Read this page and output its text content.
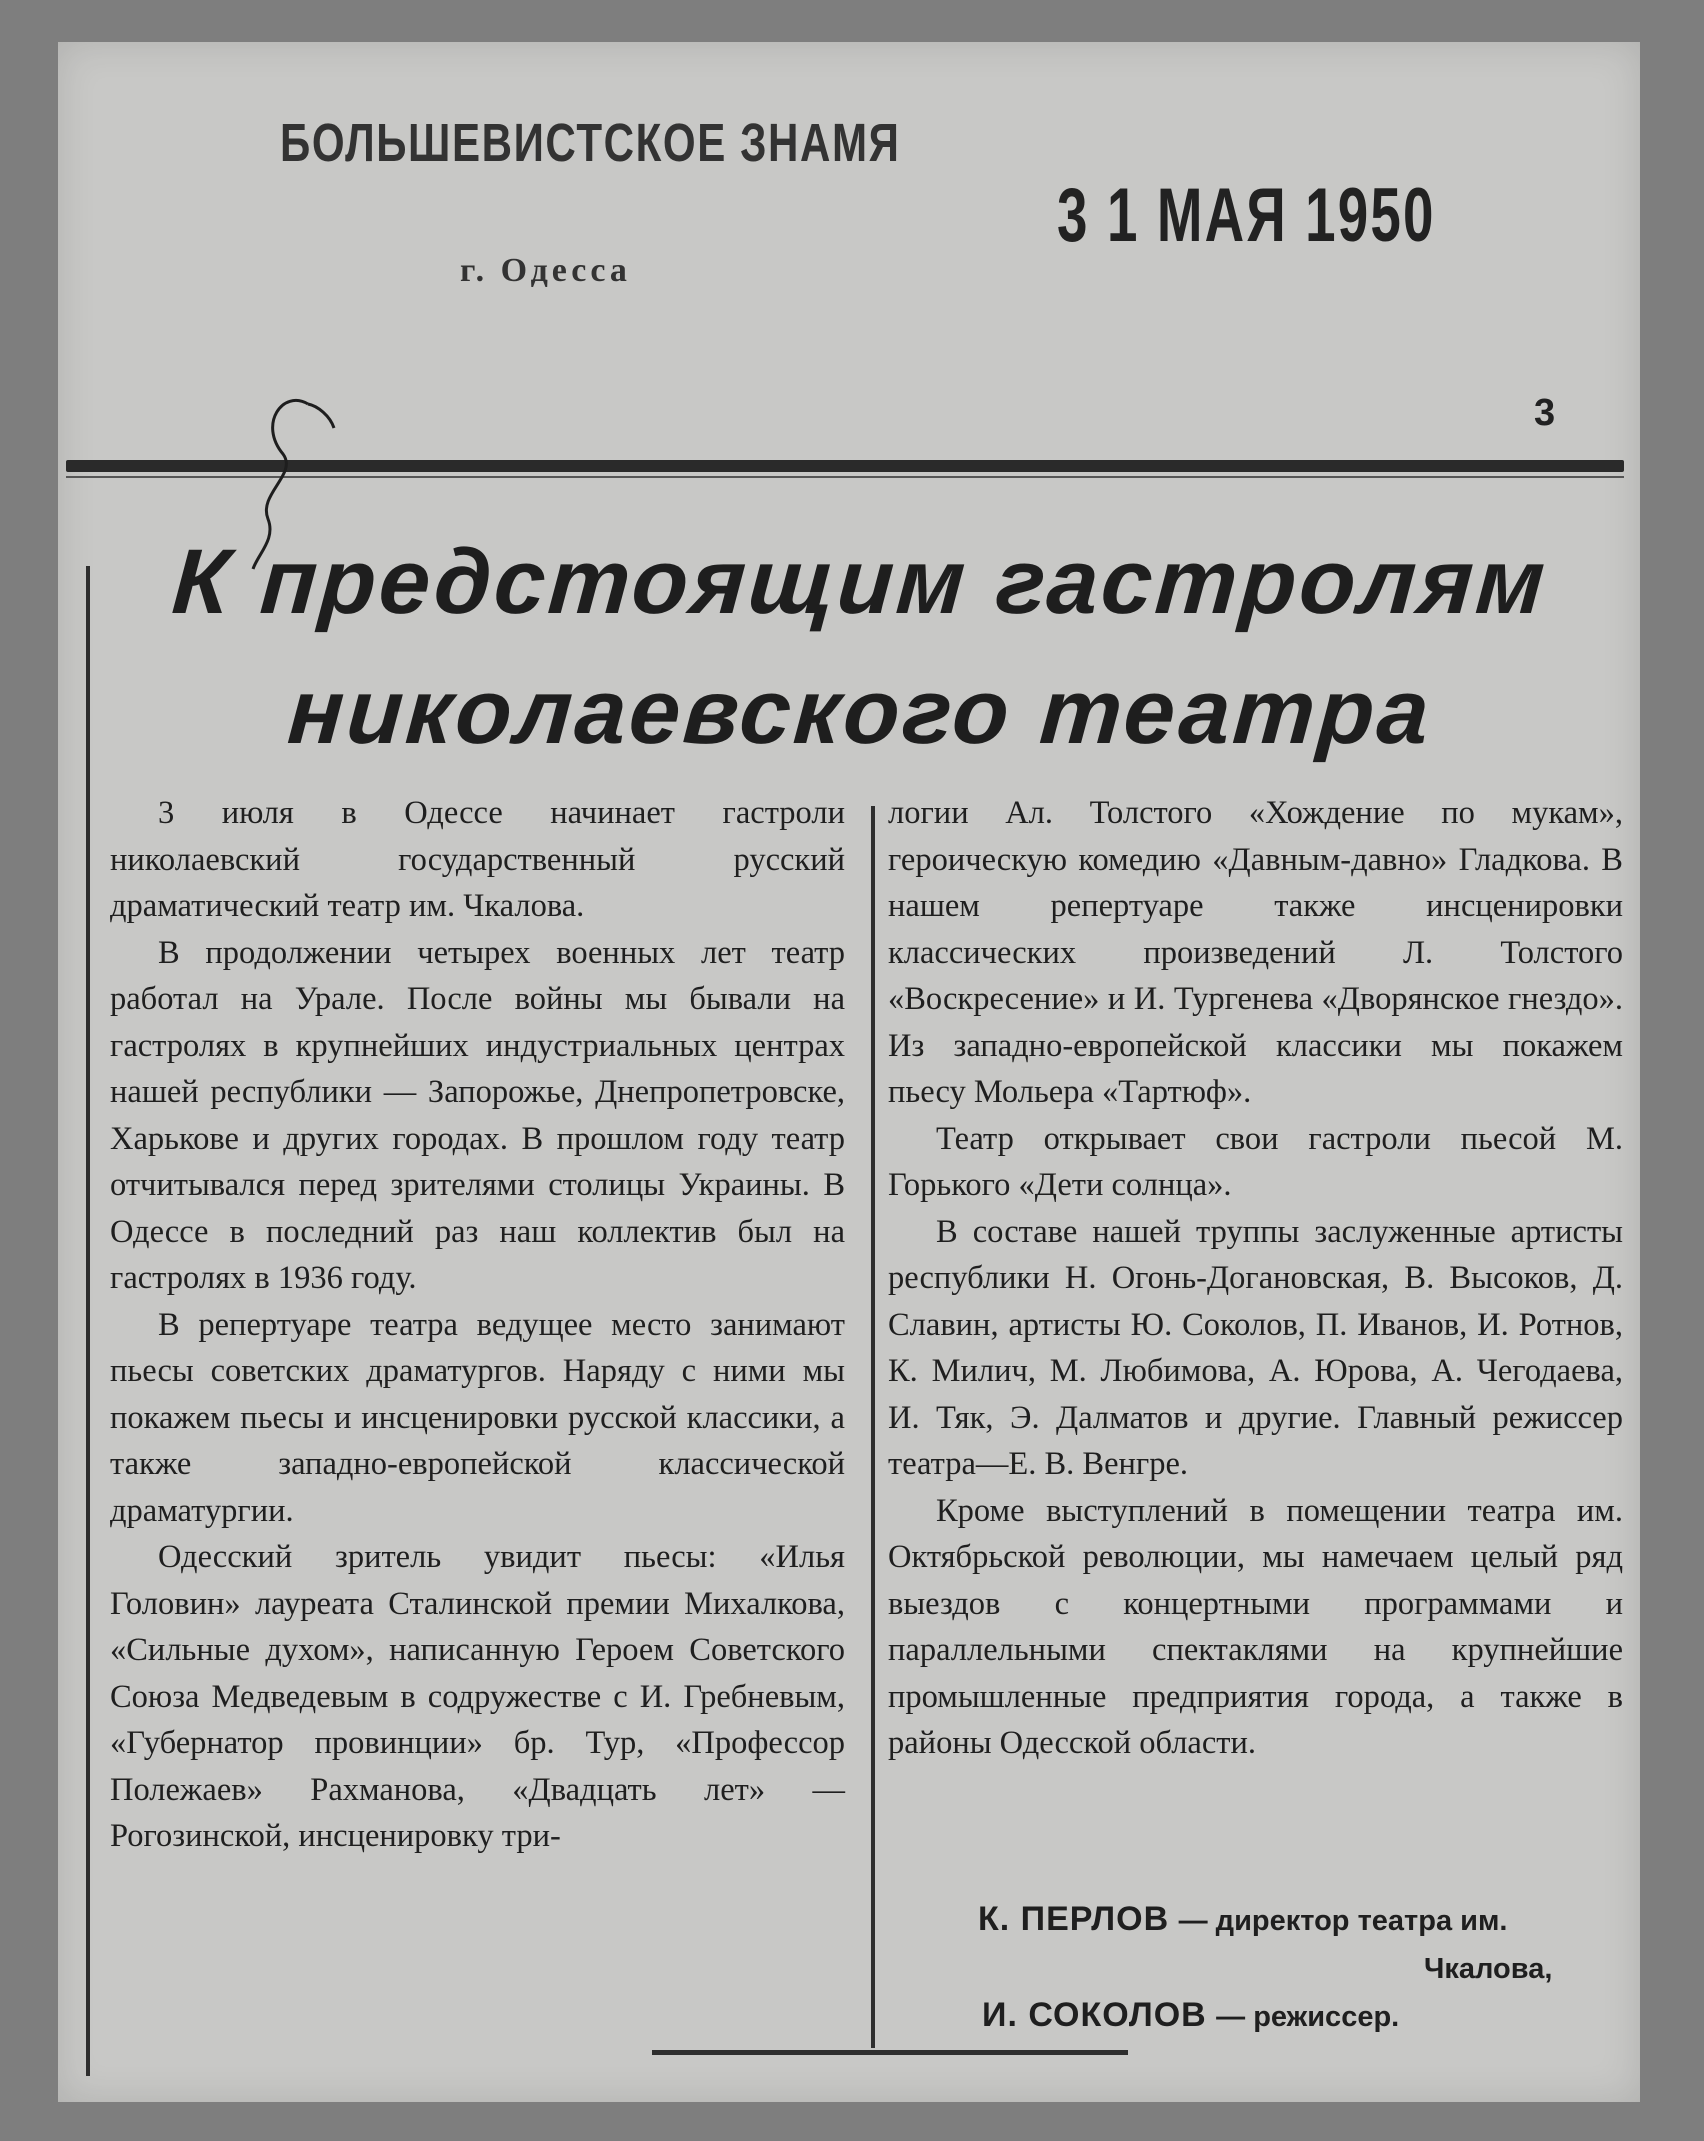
БОЛЬШЕВИСТСКОЕ ЗНАМЯ
г. Одесса
3 1 МАЯ 1950
3
К предстоящим гастролям
николаевского театра

3 июля в Одессе начинает гастроли николаевский государственный русский драматический театр им. Чкалова.

В продолжении четырех военных лет театр работал на Урале. После войны мы бывали на гастролях в крупнейших индустриальных центрах нашей республики — Запорожье, Днепропетровске, Харькове и других городах. В прошлом году театр отчитывался перед зрителями столицы Украины. В Одессе в последний раз наш коллектив был на гастролях в 1936 году.

В репертуаре театра ведущее место занимают пьесы советских драматургов. Наряду с ними мы покажем пьесы и инсценировки русской классики, а также западно-европейской классической драматургии.

Одесский зритель увидит пьесы: «Илья Головин» лауреата Сталинской премии Михалкова, «Сильные духом», написанную Героем Советского Союза Медведевым в содружестве с И. Гребневым, «Губернатор провинции» бр. Тур, «Профессор Полежаев» Рахманова, «Двадцать лет» — Рогозинской, инсценировку три-

логии Ал. Толстого «Хождение по мукам», героическую комедию «Давным-давно» Гладкова. В нашем репертуаре также инсценировки классических произведений Л. Толстого «Воскресение» и И. Тургенева «Дворянское гнездо». Из западно-европейской классики мы покажем пьесу Мольера «Тартюф».

Театр открывает свои гастроли пьесой М. Горького «Дети солнца».

В составе нашей труппы заслуженные артисты республики Н. Огонь-Догановская, В. Высоков, Д. Славин, артисты Ю. Соколов, П. Иванов, И. Ротнов, К. Милич, М. Любимова, А. Юрова, А. Чегодаева, И. Тяк, Э. Далматов и другие. Главный режиссер театра—Е. В. Венгре.

Кроме выступлений в помещении театра им. Октябрьской революции, мы намечаем целый ряд выездов с концертными программами и параллельными спектаклями на крупнейшие промышленные предприятия города, а также в районы Одесской области.

К. ПЕРЛОВ — директор театра им.
Чкалова,
И. СОКОЛОВ — режиссер.
